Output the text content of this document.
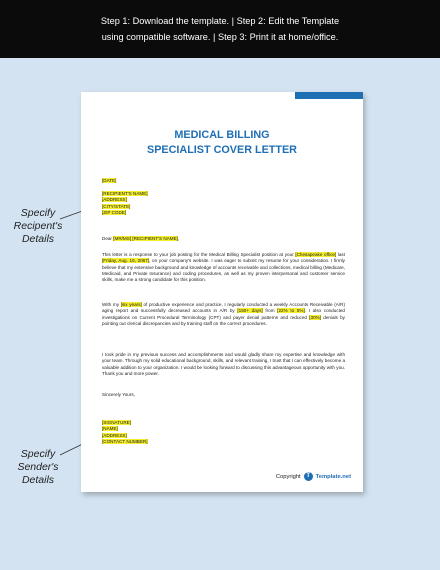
Step 1: Download the template. | Step 2: Edit the Template
using compatible software. | Step 3: Print it at home/office.
Specify
Recipent's
Details
Specify
Sender's
Details
MEDICAL BILLING
SPECIALIST COVER LETTER
[DATE]
[RECIPIENT'S NAME]
[ADDRESS]
[CITY/STATE]
[ZIP CODE]
Dear [MR/MS] [RECIPIENT'S NAME],
This letter is a response to your job posting for the Medical Billing Specialist position at your [Chesapeake office] last [Friday, Aug. 16, 2067], on your company's website. I was eager to submit my resume for your consideration. I firmly believe that my extensive background and knowledge of accounts receivable and collections, medical billing (Medicare, Medicaid, and Private Insurance) and coding procedures, as well as my proven interpersonal and customer service skills, make me a strong candidate for this position.
With my [six years] of productive experience and practice, I regularly conducted a weekly Accounts Receivable (A/R) aging report and successfully decreased accounts in A/R by [150+ days] from [22% to 5%]. I also conducted investigations on Current Procedural Terminology (CPT) and payer denial patterns and reduced [30%] denials by pointing out clerical discrepancies and by training staff on the correct procedures.
I took pride in my previous success and accomplishments and would gladly share my expertise and knowledge with your team. Through my solid educational background, skills, and relevant training, I trust that I can effectively become a valuable addition to your organization. I would be looking forward to discussing this advantageous opportunity with you. Thank you and more power.
Sincerely Yours,
[SIGNATURE]
[NAME]
[ADDRESS]
[CONTACT NUMBER]
Copyright T Template.net
